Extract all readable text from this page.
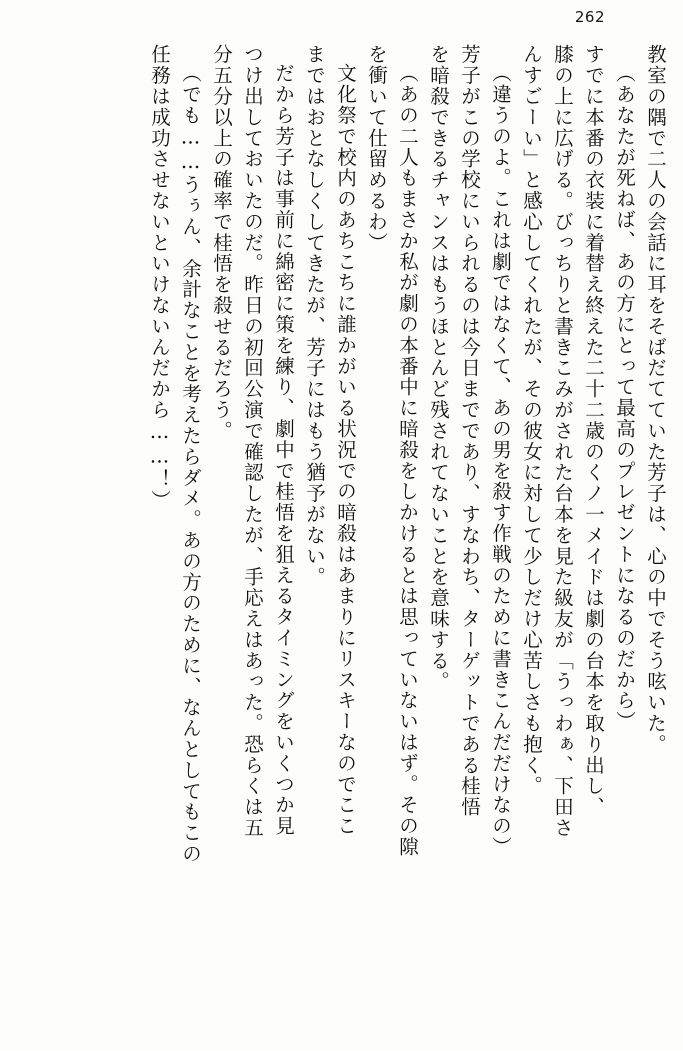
262
教室の隅で二人の会話に耳をそばだてていた芳子は、心の中でそう呟いた。
（あなたが死ねば、あの方にとって最高のプレゼントになるのだから）
すでに本番の衣装に着替え終えた二十二歳のくノ一メイドは劇の台本を取り出し、
膝の上に広げる。びっちりと書きこみがされた台本を見た級友が「うっわぁ、下田さ
んすごーい」と感心してくれたが、その彼女に対して少しだけ心苦しさも抱く。
（違うのよ。これは劇ではなくて、あの男を殺す作戦のために書きこんだだけなの）
芳子がこの学校にいられるのは今日までであり、すなわち、ターゲットである桂悟
を暗殺できるチャンスはもうほとんど残されてないことを意味する。
（あの二人もまさか私が劇の本番中に暗殺をしかけるとは思っていないはず。その隙
を衝いて仕留めるわ）
文化祭で校内のあちこちに誰かがいる状況での暗殺はあまりにリスキーなのでここ
まではおとなしくしてきたが、芳子にはもう猶予がない。
だから芳子は事前に綿密に策を練り、劇中で桂悟を狙えるタイミングをいくつか見
つけ出しておいたのだ。昨日の初回公演で確認したが、手応えはあった。恐らくは五
分五分以上の確率で桂悟を殺せるだろう。
（でも……うぅん、余計なことを考えたらダメ。あの方のために、なんとしてもこの
任務は成功させないといけないんだから……！）
